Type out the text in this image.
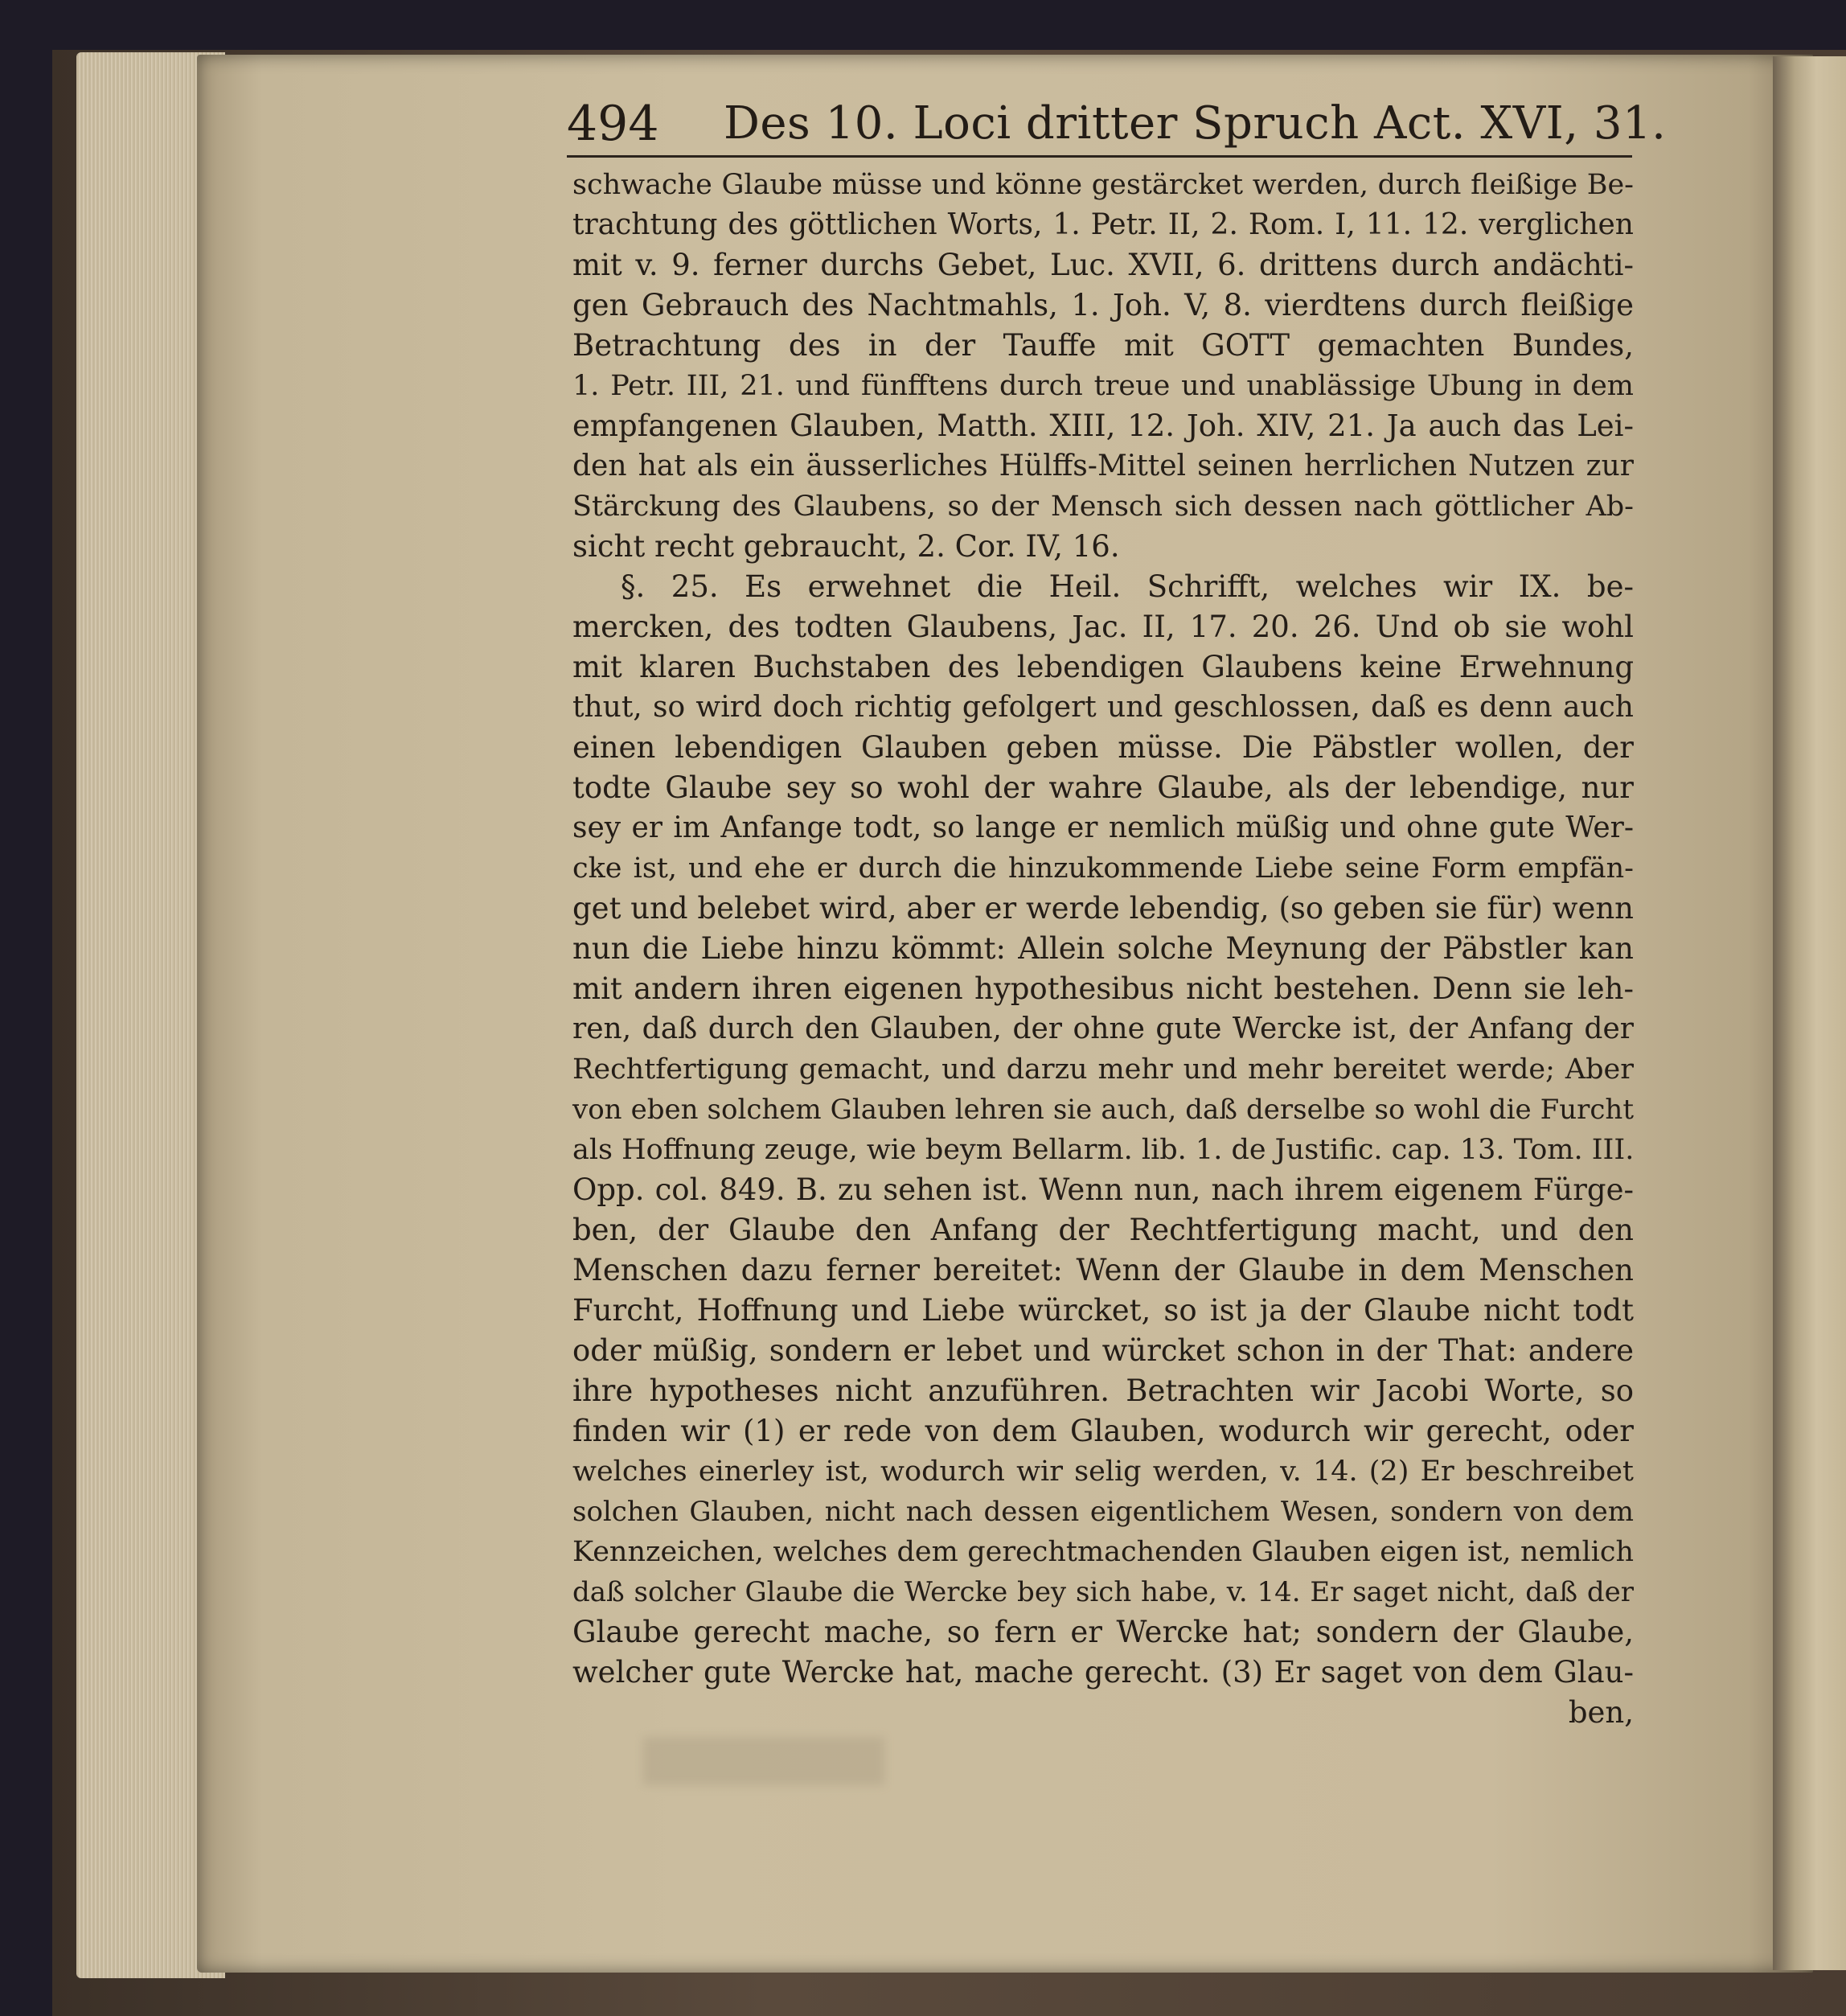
494 Des 10. Loci dritter Spruch Act. XVI, 31.
schwache Glaube müsse und könne gestärcket werden, durch fleißige Be-
trachtung des göttlichen Worts, 1. Petr. II, 2. Rom. I, 11. 12. verglichen
mit v. 9. ferner durchs Gebet, Luc. XVII, 6. drittens durch andächti-
gen Gebrauch des Nachtmahls, 1. Joh. V, 8. vierdtens durch fleißige
Betrachtung des in der Tauffe mit GOTT gemachten Bundes,
1. Petr. III, 21. und fünfftens durch treue und unablässige Ubung in dem
empfangenen Glauben, Matth. XIII, 12. Joh. XIV, 21. Ja auch das Lei-
den hat als ein äusserliches Hülffs-Mittel seinen herrlichen Nutzen zur
Stärckung des Glaubens, so der Mensch sich dessen nach göttlicher Ab-
sicht recht gebraucht, 2. Cor. IV, 16.
§. 25. Es erwehnet die Heil. Schrifft, welches wir IX. be-
mercken, des todten Glaubens, Jac. II, 17. 20. 26. Und ob sie wohl
mit klaren Buchstaben des lebendigen Glaubens keine Erwehnung
thut, so wird doch richtig gefolgert und geschlossen, daß es denn auch
einen lebendigen Glauben geben müsse. Die Päbstler wollen, der
todte Glaube sey so wohl der wahre Glaube, als der lebendige, nur
sey er im Anfange todt, so lange er nemlich müßig und ohne gute Wer-
cke ist, und ehe er durch die hinzukommende Liebe seine Form empfän-
get und belebet wird, aber er werde lebendig, (so geben sie für) wenn
nun die Liebe hinzu kömmt: Allein solche Meynung der Päbstler kan
mit andern ihren eigenen hypothesibus nicht bestehen. Denn sie leh-
ren, daß durch den Glauben, der ohne gute Wercke ist, der Anfang der
Rechtfertigung gemacht, und darzu mehr und mehr bereitet werde; Aber
von eben solchem Glauben lehren sie auch, daß derselbe so wohl die Furcht
als Hoffnung zeuge, wie beym Bellarm. lib. 1. de Justific. cap. 13. Tom. III.
Opp. col. 849. B. zu sehen ist. Wenn nun, nach ihrem eigenem Fürge-
ben, der Glaube den Anfang der Rechtfertigung macht, und den
Menschen dazu ferner bereitet: Wenn der Glaube in dem Menschen
Furcht, Hoffnung und Liebe würcket, so ist ja der Glaube nicht todt
oder müßig, sondern er lebet und würcket schon in der That: andere
ihre hypotheses nicht anzuführen. Betrachten wir Jacobi Worte, so
finden wir (1) er rede von dem Glauben, wodurch wir gerecht, oder
welches einerley ist, wodurch wir selig werden, v. 14. (2) Er beschreibet
solchen Glauben, nicht nach dessen eigentlichem Wesen, sondern von dem
Kennzeichen, welches dem gerechtmachenden Glauben eigen ist, nemlich
daß solcher Glaube die Wercke bey sich habe, v. 14. Er saget nicht, daß der
Glaube gerecht mache, so fern er Wercke hat; sondern der Glaube,
welcher gute Wercke hat, mache gerecht. (3) Er saget von dem Glau-
ben,
